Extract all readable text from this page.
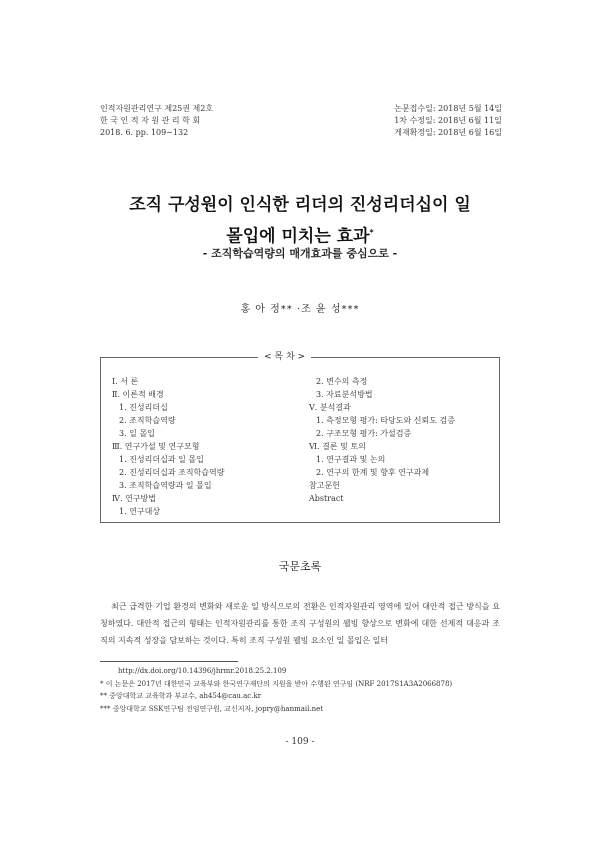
인적자원관리연구 제25권 제2호
한 국 인 적 자 원 관 리 학 회
2018. 6. pp. 109∼132
논문접수일: 2018년 5월 14일
1차 수정일: 2018년 6월 11일
게재확정일: 2018년 6월 16일
조직 구성원이 인식한 리더의 진성리더십이 일
몰입에 미치는 효과*
- 조직학습역량의 매개효과를 중심으로 -
홍 아 정** ·조 윤 성***
< 목 차 >
Ⅰ. 서 론
Ⅱ. 이론적 배경
1. 진성리더십
2. 조직학습역량
3. 일 몰입
Ⅲ. 연구가설 및 연구모형
1. 진성리더십과 일 몰입
2. 진성리더십과 조직학습역량
3. 조직학습역량과 일 몰입
Ⅳ. 연구방법
1. 연구대상
2. 변수의 측정
3. 자료분석방법
Ⅴ. 분석결과
1. 측정모형 평가: 타당도와 신뢰도 검증
2. 구조모형 평가: 가설검증
Ⅵ. 결론 및 토의
1. 연구결과 및 논의
2. 연구의 한계 및 향후 연구과제
참고문헌
Abstract
국문초록

최근 급격한 기업 환경의 변화와 새로운 일 방식으로의 전환은 인적자원관리 영역에 있어 대안적 접근 방식을 요청하였다. 대안적 접근의 형태는 인적자원관리를 통한 조직 구성원의 웰빙 향상으로 변화에 대한 선제적 대응과 조직의 지속적 성장을 담보하는 것이다. 특히 조직 구성원 웰빙 요소인 일 몰입은 일터

http://dx.doi.org/10.14396/jhrmr.2018.25.2.109
* 이 논문은 2017년 대한민국 교육부와 한국연구재단의 지원을 받아 수행된 연구임 (NRF 2017S1A3A2066878)
** 중앙대학교 교육학과 부교수, ah454@cau.ac.kr
*** 중앙대학교 SSK연구팀 전임연구원, 교신저자, jopry@hanmail.net
- 109 -
